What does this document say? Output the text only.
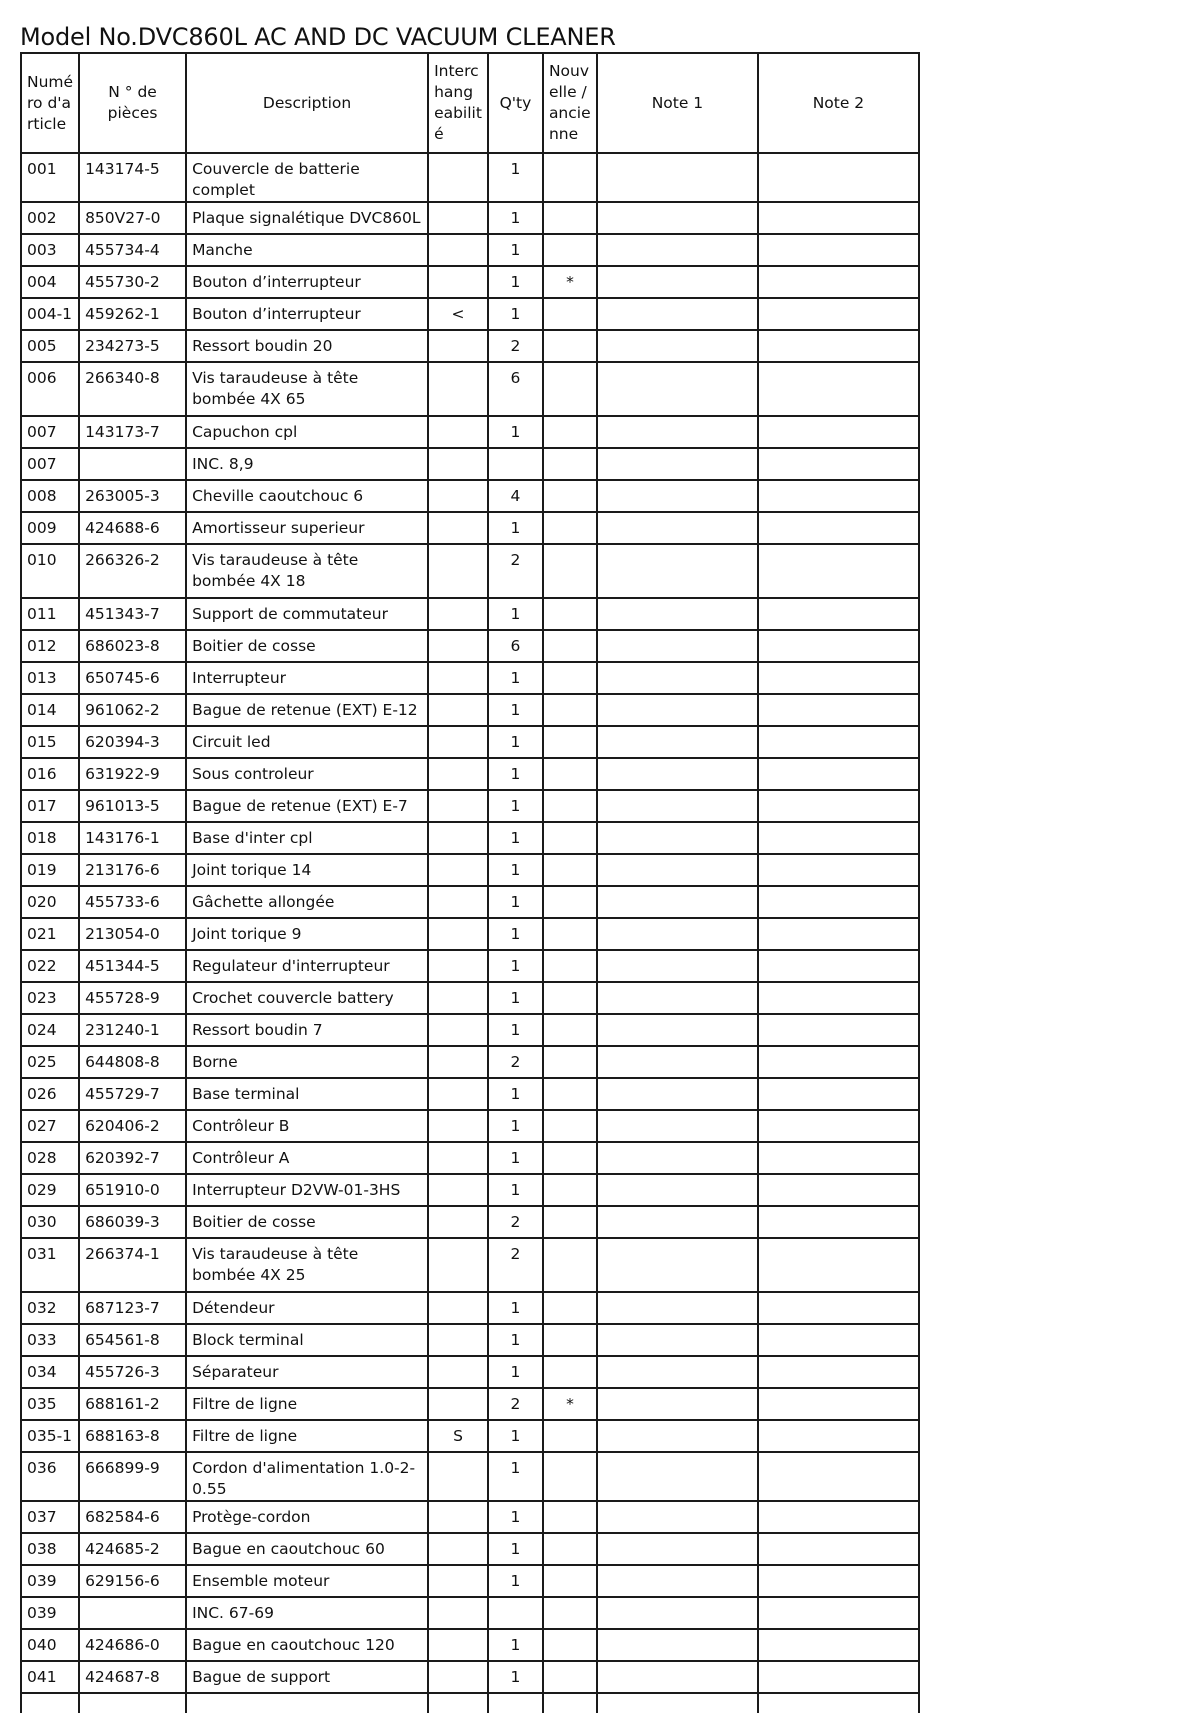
Model No.DVC860L AC AND DC VACUUM CLEANER
Numé ro d'a rticle	N ° de pièces	Description	Interc hang eabilit é	Q'ty	Nouv elle / ancie nne	Note 1	Note 2
001	143174-5	Couvercle de batterie complet		1			
002	850V27-0	Plaque signalétique DVC860L		1			
003	455734-4	Manche		1			
004	455730-2	Bouton d’interrupteur		1	*		
004-1	459262-1	Bouton d’interrupteur	<	1			
005	234273-5	Ressort boudin 20		2			
006	266340-8	Vis taraudeuse à tête bombée 4X 65		6			
007	143173-7	Capuchon cpl		1			
007		INC. 8,9					
008	263005-3	Cheville caoutchouc 6		4			
009	424688-6	Amortisseur superieur		1			
010	266326-2	Vis taraudeuse à tête bombée 4X 18		2			
011	451343-7	Support de commutateur		1			
012	686023-8	Boitier de cosse		6			
013	650745-6	Interrupteur		1			
014	961062-2	Bague de retenue (EXT) E-12		1			
015	620394-3	Circuit led		1			
016	631922-9	Sous controleur		1			
017	961013-5	Bague de retenue (EXT) E-7		1			
018	143176-1	Base d'inter cpl		1			
019	213176-6	Joint torique 14		1			
020	455733-6	Gâchette allongée		1			
021	213054-0	Joint torique 9		1			
022	451344-5	Regulateur d'interrupteur		1			
023	455728-9	Crochet couvercle battery		1			
024	231240-1	Ressort boudin 7		1			
025	644808-8	Borne		2			
026	455729-7	Base terminal		1			
027	620406-2	Contrôleur B		1			
028	620392-7	Contrôleur A		1			
029	651910-0	Interrupteur D2VW-01-3HS		1			
030	686039-3	Boitier de cosse		2			
031	266374-1	Vis taraudeuse à tête bombée 4X 25		2			
032	687123-7	Détendeur		1			
033	654561-8	Block terminal		1			
034	455726-3	Séparateur		1			
035	688161-2	Filtre de ligne		2	*		
035-1	688163-8	Filtre de ligne	S	1			
036	666899-9	Cordon d'alimentation 1.0-2-0.55		1			
037	682584-6	Protège-cordon		1			
038	424685-2	Bague en caoutchouc 60		1			
039	629156-6	Ensemble moteur		1			
039		INC. 67-69					
040	424686-0	Bague en caoutchouc 120		1			
041	424687-8	Bague de support		1			
